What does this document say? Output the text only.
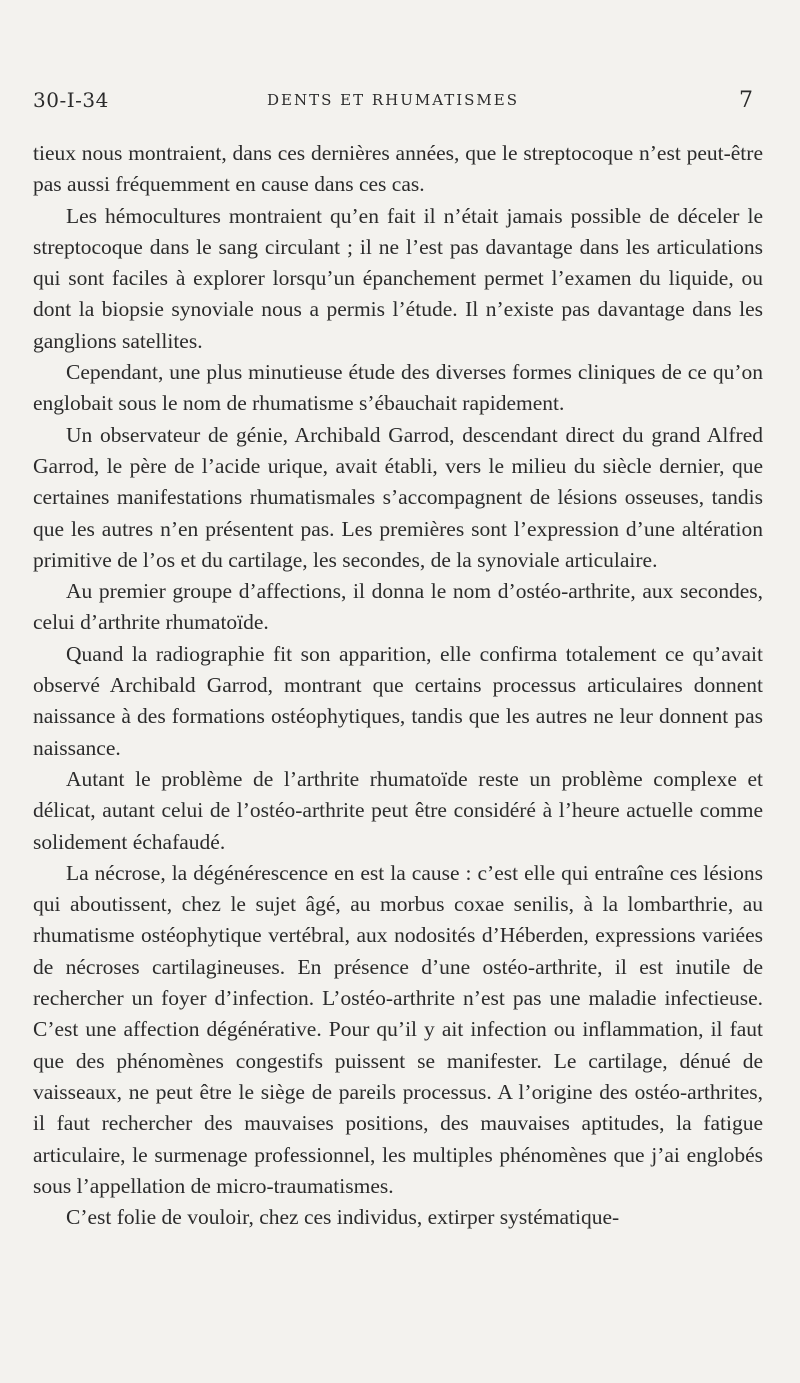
30-I-34	DENTS ET RHUMATISMES	7

tieux nous montraient, dans ces dernières années, que le streptocoque n’est peut-être pas aussi fréquemment en cause dans ces cas.

Les hémocultures montraient qu’en fait il n’était jamais possible de déceler le streptocoque dans le sang circulant ; il ne l’est pas davantage dans les articulations qui sont faciles à explorer lorsqu’un épanchement permet l’examen du liquide, ou dont la biopsie synoviale nous a permis l’étude. Il n’existe pas davantage dans les ganglions satellites.

Cependant, une plus minutieuse étude des diverses formes cliniques de ce qu’on englobait sous le nom de rhumatisme s’ébauchait rapidement.

Un observateur de génie, Archibald Garrod, descendant direct du grand Alfred Garrod, le père de l’acide urique, avait établi, vers le milieu du siècle dernier, que certaines manifestations rhumatismales s’accompagnent de lésions osseuses, tandis que les autres n’en présentent pas. Les premières sont l’expression d’une altération primitive de l’os et du cartilage, les secondes, de la synoviale articulaire.

Au premier groupe d’affections, il donna le nom d’ostéo-arthrite, aux secondes, celui d’arthrite rhumatoïde.

Quand la radiographie fit son apparition, elle confirma totalement ce qu’avait observé Archibald Garrod, montrant que certains processus articulaires donnent naissance à des formations ostéophytiques, tandis que les autres ne leur donnent pas naissance.

Autant le problème de l’arthrite rhumatoïde reste un problème complexe et délicat, autant celui de l’ostéo-arthrite peut être considéré à l’heure actuelle comme solidement échafaudé.

La nécrose, la dégénérescence en est la cause : c’est elle qui entraîne ces lésions qui aboutissent, chez le sujet âgé, au morbus coxae senilis, à la lombarthrie, au rhumatisme ostéophytique vertébral, aux nodosités d’Héberden, expressions variées de nécroses cartilagineuses. En présence d’une ostéo-arthrite, il est inutile de rechercher un foyer d’infection. L’ostéo-arthrite n’est pas une maladie infectieuse. C’est une affection dégénérative. Pour qu’il y ait infection ou inflammation, il faut que des phénomènes congestifs puissent se manifester. Le cartilage, dénué de vaisseaux, ne peut être le siège de pareils processus. A l’origine des ostéo-arthrites, il faut rechercher des mauvaises positions, des mauvaises aptitudes, la fatigue articulaire, le surmenage professionnel, les multiples phénomènes que j’ai englobés sous l’appellation de micro-traumatismes.

C’est folie de vouloir, chez ces individus, extirper systématique-
